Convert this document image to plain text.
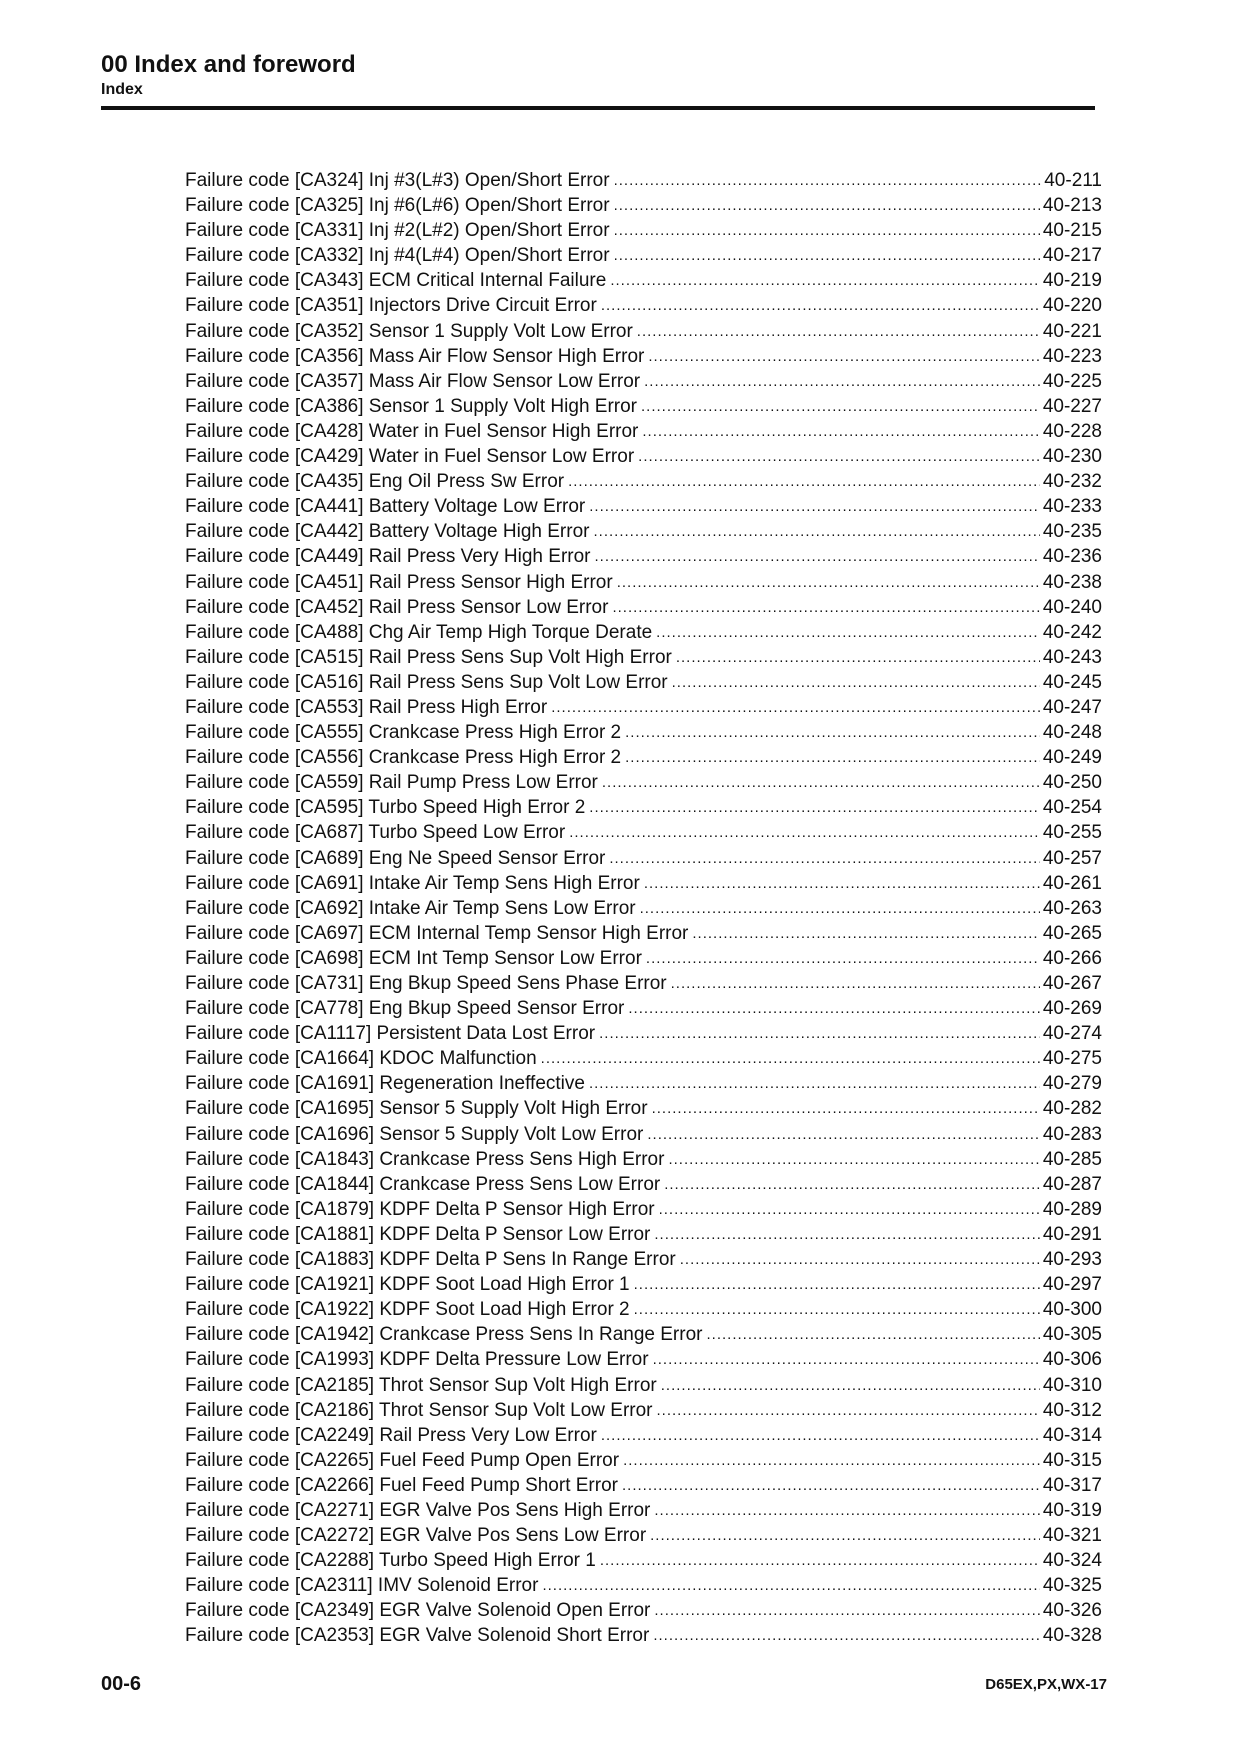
00 Index and foreword
Index
Failure code [CA324] Inj #3(L#3) Open/Short Error .....	40-211
Failure code [CA325] Inj #6(L#6) Open/Short Error .....	40-213
Failure code [CA331] Inj #2(L#2) Open/Short Error .....	40-215
Failure code [CA332] Inj #4(L#4) Open/Short Error .....	40-217
Failure code [CA343] ECM Critical Internal Failure .....	40-219
Failure code [CA351] Injectors Drive Circuit Error .....	40-220
Failure code [CA352] Sensor 1 Supply Volt Low Error .....	40-221
Failure code [CA356] Mass Air Flow Sensor High Error .....	40-223
Failure code [CA357] Mass Air Flow Sensor Low Error .....	40-225
Failure code [CA386] Sensor 1 Supply Volt High Error .....	40-227
Failure code [CA428] Water in Fuel Sensor High Error .....	40-228
Failure code [CA429] Water in Fuel Sensor Low Error .....	40-230
Failure code [CA435] Eng Oil Press Sw Error .....	40-232
Failure code [CA441] Battery Voltage Low Error .....	40-233
Failure code [CA442] Battery Voltage High Error .....	40-235
Failure code [CA449] Rail Press Very High Error .....	40-236
Failure code [CA451] Rail Press Sensor High Error .....	40-238
Failure code [CA452] Rail Press Sensor Low Error .....	40-240
Failure code [CA488] Chg Air Temp High Torque Derate .....	40-242
Failure code [CA515] Rail Press Sens Sup Volt High Error .....	40-243
Failure code [CA516] Rail Press Sens Sup Volt Low Error .....	40-245
Failure code [CA553] Rail Press High Error .....	40-247
Failure code [CA555] Crankcase Press High Error 2 .....	40-248
Failure code [CA556] Crankcase Press High Error 2 .....	40-249
Failure code [CA559] Rail Pump Press Low Error .....	40-250
Failure code [CA595] Turbo Speed High Error 2 .....	40-254
Failure code [CA687] Turbo Speed Low Error .....	40-255
Failure code [CA689] Eng Ne Speed Sensor Error .....	40-257
Failure code [CA691] Intake Air Temp Sens High Error .....	40-261
Failure code [CA692] Intake Air Temp Sens Low Error .....	40-263
Failure code [CA697] ECM Internal Temp Sensor High Error .....	40-265
Failure code [CA698] ECM Int Temp Sensor Low Error .....	40-266
Failure code [CA731] Eng Bkup Speed Sens Phase Error .....	40-267
Failure code [CA778] Eng Bkup Speed Sensor Error .....	40-269
Failure code [CA1117] Persistent Data Lost Error .....	40-274
Failure code [CA1664] KDOC Malfunction .....	40-275
Failure code [CA1691] Regeneration Ineffective .....	40-279
Failure code [CA1695] Sensor 5 Supply Volt High Error .....	40-282
Failure code [CA1696] Sensor 5 Supply Volt Low Error .....	40-283
Failure code [CA1843] Crankcase Press Sens High Error .....	40-285
Failure code [CA1844] Crankcase Press Sens Low Error .....	40-287
Failure code [CA1879] KDPF Delta P Sensor High Error .....	40-289
Failure code [CA1881] KDPF Delta P Sensor Low Error .....	40-291
Failure code [CA1883] KDPF Delta P Sens In Range Error .....	40-293
Failure code [CA1921] KDPF Soot Load High Error 1 .....	40-297
Failure code [CA1922] KDPF Soot Load High Error 2 .....	40-300
Failure code [CA1942] Crankcase Press Sens In Range Error .....	40-305
Failure code [CA1993] KDPF Delta Pressure Low Error .....	40-306
Failure code [CA2185] Throt Sensor Sup Volt High Error .....	40-310
Failure code [CA2186] Throt Sensor Sup Volt Low Error .....	40-312
Failure code [CA2249] Rail Press Very Low Error .....	40-314
Failure code [CA2265] Fuel Feed Pump Open Error .....	40-315
Failure code [CA2266] Fuel Feed Pump Short Error .....	40-317
Failure code [CA2271] EGR Valve Pos Sens High Error .....	40-319
Failure code [CA2272] EGR Valve Pos Sens Low Error .....	40-321
Failure code [CA2288] Turbo Speed High Error 1 .....	40-324
Failure code [CA2311] IMV Solenoid Error .....	40-325
Failure code [CA2349] EGR Valve Solenoid Open Error .....	40-326
Failure code [CA2353] EGR Valve Solenoid Short Error .....	40-328
00-6	D65EX,PX,WX-17
